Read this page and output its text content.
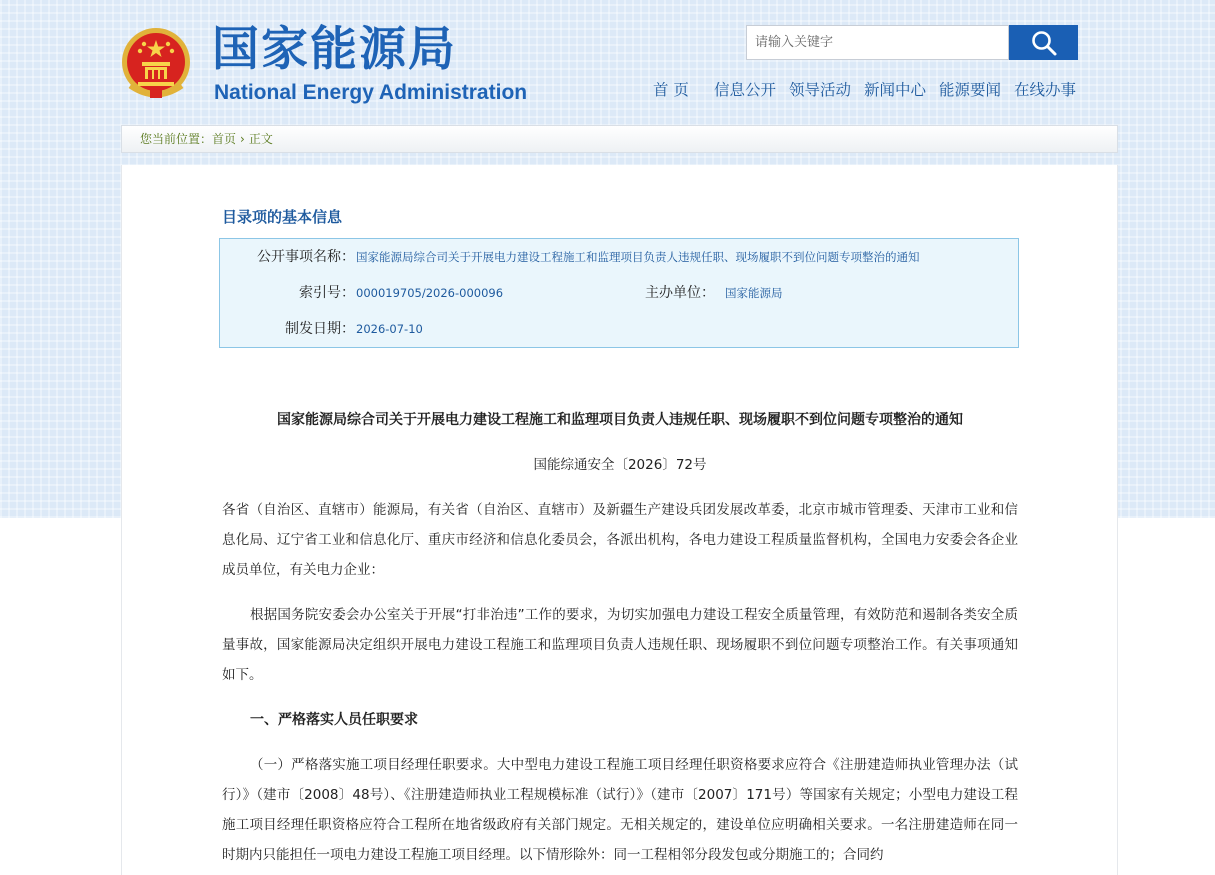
国家能源局
National Energy Administration
请输入关键字	首 页 信息公开 领导活动 新闻中心 能源要闻 在线办事
您当前位置：首页 › 正文
目录项的基本信息
公开事项名称： 国家能源局综合司关于开展电力建设工程施工和监理项目负责人违规任职、现场履职不到位问题专项整治的通知
索引号： 000019705/2026-000096	主办单位： 国家能源局
制发日期： 2026-07-10
国家能源局综合司关于开展电力建设工程施工和监理项目负责人违规任职、现场履职不到位问题专项整治的通知
国能综通安全〔2026〕72号
各省（自治区、直辖市）能源局，有关省（自治区、直辖市）及新疆生产建设兵团发展改革委，北京市城市管理委、天津市工业和信息化局、辽宁省工业和信息化厅、重庆市经济和信息化委员会，各派出机构，各电力建设工程质量监督机构，全国电力安委会各企业成员单位，有关电力企业：
根据国务院安委会办公室关于开展“打非治违”工作的要求，为切实加强电力建设工程安全质量管理，有效防范和遏制各类安全质量事故，国家能源局决定组织开展电力建设工程施工和监理项目负责人违规任职、现场履职不到位问题专项整治工作。有关事项通知如下。
一、严格落实人员任职要求
（一）严格落实施工项目经理任职要求。大中型电力建设工程施工项目经理任职资格要求应符合《注册建造师执业管理办法（试行）》（建市〔2008〕48号）、《注册建造师执业工程规模标准（试行）》（建市〔2007〕171号）等国家有关规定；小型电力建设工程施工项目经理任职资格应符合工程所在地省级政府有关部门规定。无相关规定的，建设单位应明确相关要求。一名注册建造师在同一时期内只能担任一项电力建设工程施工项目经理。以下情形除外：同一工程相邻分段发包或分期施工的；合同约
